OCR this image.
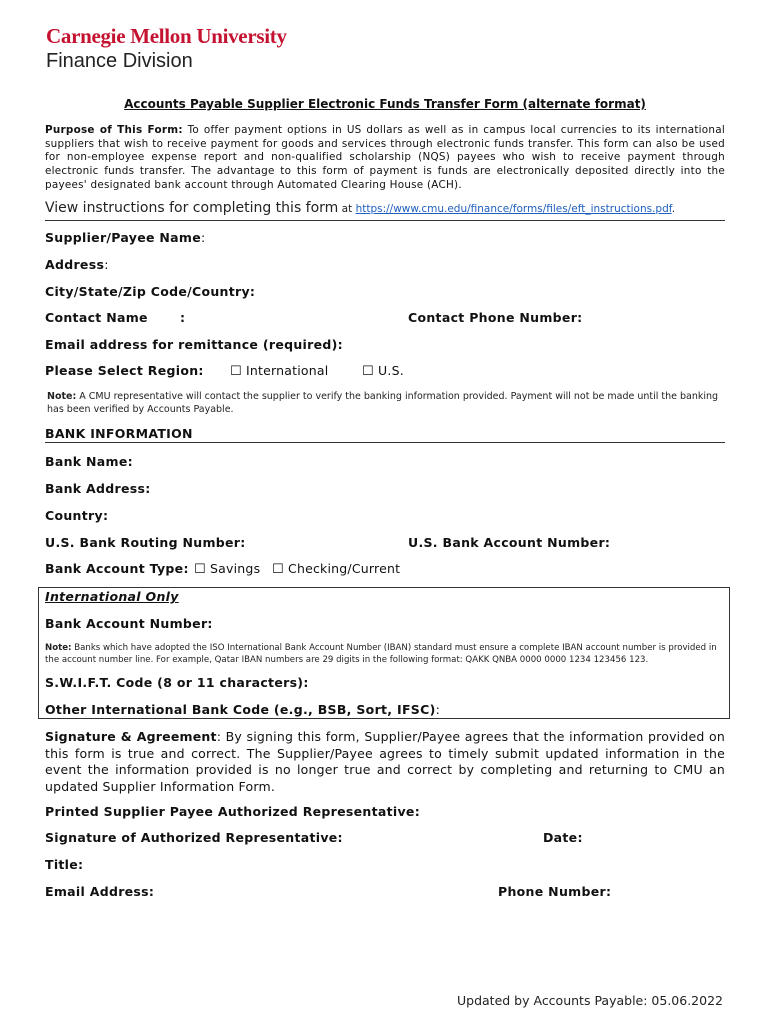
Carnegie Mellon University
Finance Division
Accounts Payable Supplier Electronic Funds Transfer Form (alternate format)
Purpose of This Form: To offer payment options in US dollars as well as in campus local currencies to its international suppliers that wish to receive payment for goods and services through electronic funds transfer. This form can also be used for non-employee expense report and non-qualified scholarship (NQS) payees who wish to receive payment through electronic funds transfer. The advantage to this form of payment is funds are electronically deposited directly into the payees' designated bank account through Automated Clearing House (ACH).
View instructions for completing this form at https://www.cmu.edu/finance/forms/files/eft_instructions.pdf.
Supplier/Payee Name:
Address:
City/State/Zip Code/Country:
Contact Name	:	Contact Phone Number:
Email address for remittance (required):
Please Select Region: ☐ International	☐ U.S.
Note: A CMU representative will contact the supplier to verify the banking information provided. Payment will not be made until the banking has been verified by Accounts Payable.
BANK INFORMATION
Bank Name:
Bank Address:
Country:
U.S. Bank Routing Number:	U.S. Bank Account Number:
Bank Account Type: ☐ Savings ☐ Checking/Current
International Only
Bank Account Number:
Note: Banks which have adopted the ISO International Bank Account Number (IBAN) standard must ensure a complete IBAN account number is provided in the account number line. For example, Qatar IBAN numbers are 29 digits in the following format: QAKK QNBA 0000 0000 1234 123456 123.
S.W.I.F.T. Code (8 or 11 characters):
Other International Bank Code (e.g., BSB, Sort, IFSC):
Signature & Agreement: By signing this form, Supplier/Payee agrees that the information provided on this form is true and correct. The Supplier/Payee agrees to timely submit updated information in the event the information provided is no longer true and correct by completing and returning to CMU an updated Supplier Information Form.
Printed Supplier Payee Authorized Representative:
Signature of Authorized Representative:	Date:
Title:
Email Address:	Phone Number:
Updated by Accounts Payable: 05.06.2022
